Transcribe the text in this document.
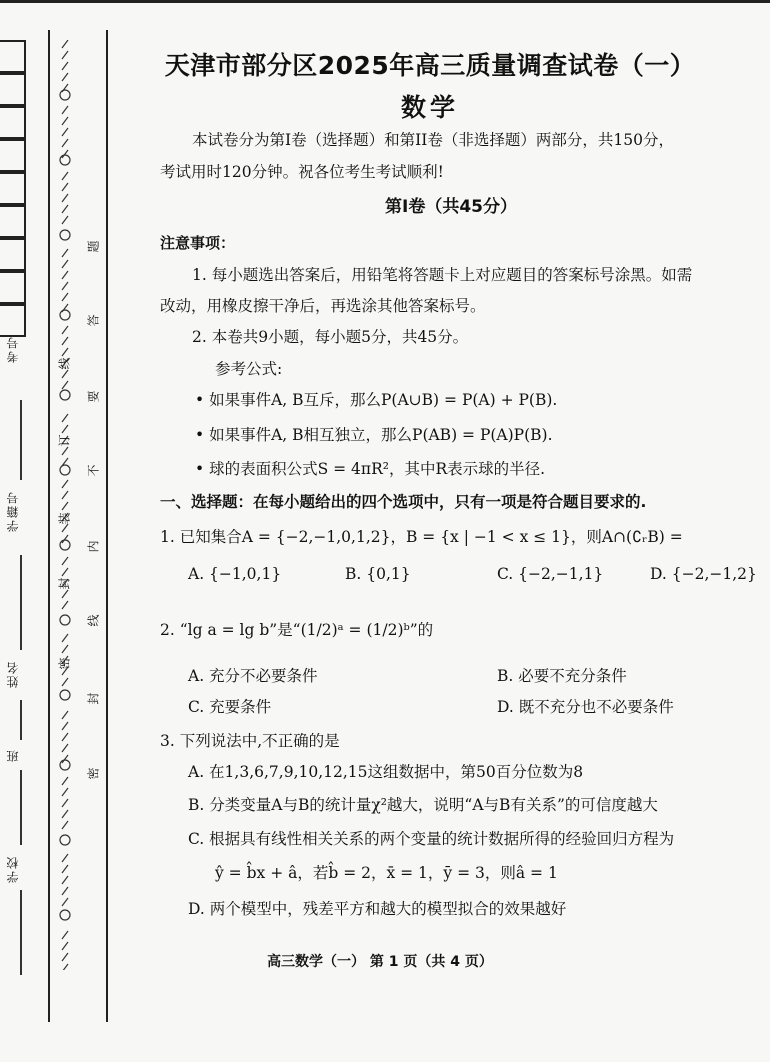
考号
学籍号
姓名
班
学校
装
订
线
封
密
密
封
线
内
不
要
答
题
天津市部分区2025年高三质量调查试卷（一）
数学
本试卷分为第I卷（选择题）和第II卷（非选择题）两部分，共150分，
考试用时120分钟。祝各位考生考试顺利!
第Ⅰ卷（共45分）
注意事项：
1. 每小题选出答案后，用铅笔将答题卡上对应题目的答案标号涂黑。如需
改动，用橡皮擦干净后，再选涂其他答案标号。
2. 本卷共9小题，每小题5分，共45分。
参考公式:
• 如果事件A, B互斥，那么P(A∪B) = P(A) + P(B).
• 如果事件A, B相互独立，那么P(AB) = P(A)P(B).
• 球的表面积公式S = 4πR²，其中R表示球的半径.
一、选择题：在每小题给出的四个选项中，只有一项是符合题目要求的.
1. 已知集合A = {−2,−1,0,1,2}，B = {x | −1 < x ≤ 1}，则A∩(∁ᵣB) =
A. {−1,0,1}	B. {0,1}	C. {−2,−1,1}	D. {−2,−1,2}
2. “lg a = lg b”是“(1/2)ᵃ = (1/2)ᵇ”的
A. 充分不必要条件	B. 必要不充分条件
C. 充要条件	D. 既不充分也不必要条件
3. 下列说法中,不正确的是
A. 在1,3,6,7,9,10,12,15这组数据中，第50百分位数为8
B. 分类变量A与B的统计量χ²越大，说明“A与B有关系”的可信度越大
C. 根据具有线性相关关系的两个变量的统计数据所得的经验回归方程为
ŷ = b̂x + â，若b̂ = 2，x̄ = 1，ȳ = 3，则â = 1
D. 两个模型中，残差平方和越大的模型拟合的效果越好
高三数学（一） 第 1 页（共 4 页）
